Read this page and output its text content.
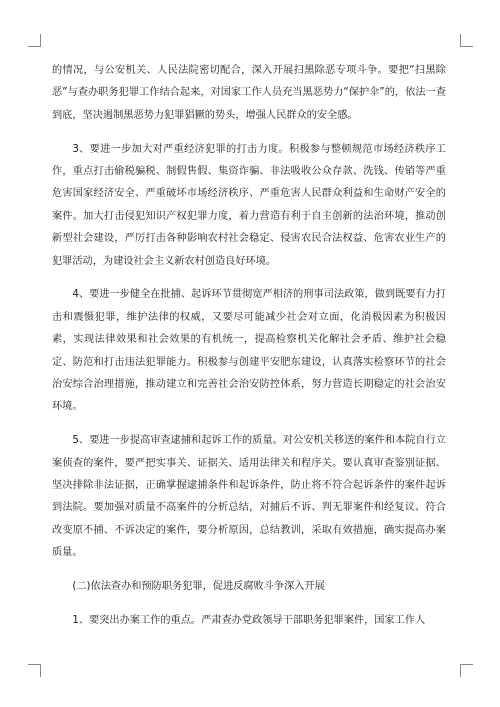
的情况，与公安机关、人民法院密切配合，深入开展扫黑除恶专项斗争。要把“扫黑除恶”与查办职务犯罪工作结合起来，对国家工作人员充当黑恶势力“保护伞”的，依法一查到底，坚决遏制黑恶势力犯罪猖獗的势头，增强人民群众的安全感。

3、要进一步加大对严重经济犯罪的打击力度。积极参与整顿规范市场经济秩序工作，重点打击偷税骗税、制假售假、集资诈骗、非法吸收公众存款、洗钱、传销等严重危害国家经济安全、严重破坏市场经济秩序、严重危害人民群众利益和生命财产安全的案件。加大打击侵犯知识产权犯罪力度，着力营造有利于自主创新的法治环境，推动创新型社会建设，严厉打击各种影响农村社会稳定、侵害农民合法权益、危害农业生产的犯罪活动，为建设社会主义新农村创造良好环境。

4、要进一步健全在批捕、起诉环节贯彻宽严相济的刑事司法政策，做到既要有力打击和震慑犯罪，维护法律的权威，又要尽可能减少社会对立面，化消极因素为积极因素，实现法律效果和社会效果的有机统一，提高检察机关化解社会矛盾、维护社会稳定、防范和打击违法犯罪能力。积极参与创建平安肥东建设，认真落实检察环节的社会治安综合治理措施，推动建立和完善社会治安防控体系，努力营造长期稳定的社会治安环境。

5、要进一步提高审查逮捕和起诉工作的质量。对公安机关移送的案件和本院自行立案侦查的案件，要严把实事关、证据关、适用法律关和程序关。要认真审查鉴别证据、坚决排除非法证据，正确掌握逮捕条件和起诉条件，防止将不符合起诉条件的案件起诉到法院。要加强对质量不高案件的分析总结，对捕后不诉、判无罪案件和经复议、符合改变原不捕、不诉决定的案件，要分析原因，总结教训，采取有效措施，确实提高办案质量。

(二)依法查办和预防职务犯罪，促进反腐败斗争深入开展

1、要突出办案工作的重点。严肃查办党政领导干部职务犯罪案件，国家工作人
